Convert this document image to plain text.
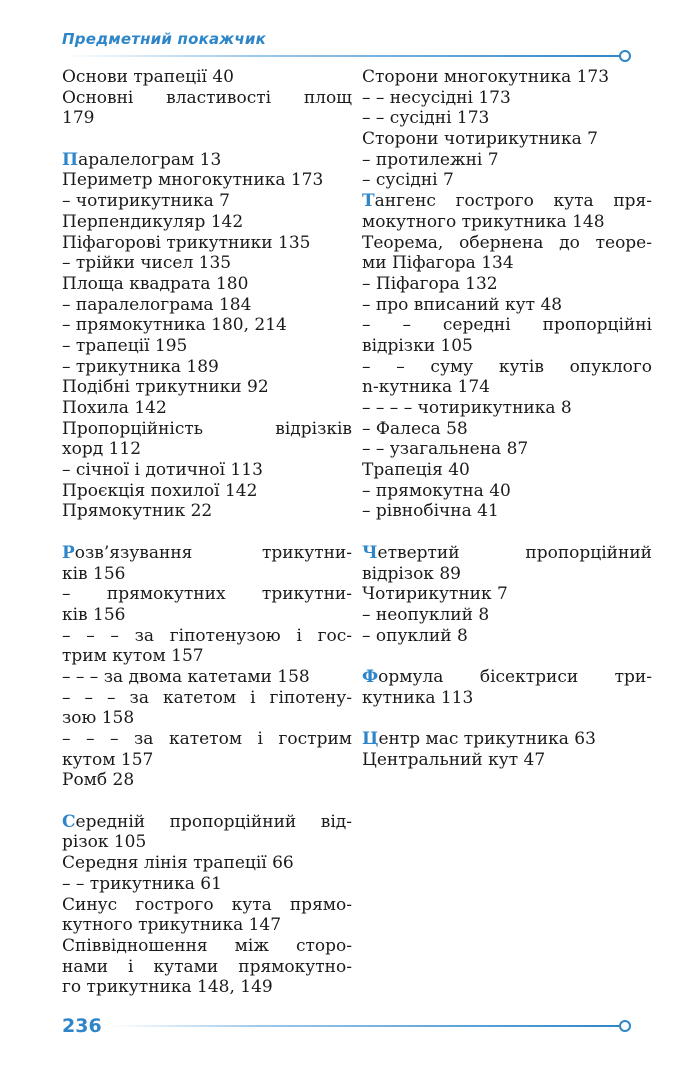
Предметний покажчик
Основи трапеції 40
Основні властивості площ
179
Паралелограм 13
Периметр многокутника 173
– чотирикутника 7
Перпендикуляр 142
Піфагорові трикутники 135
– трійки чисел 135
Площа квадрата 180
– паралелограма 184
– прямокутника 180, 214
– трапеції 195
– трикутника 189
Подібні трикутники 92
Похила 142
Пропорційність відрізків
хорд 112
– січної і дотичної 113
Проєкція похилої 142
Прямокутник 22
Розв’язування трикутни-
ків 156
– прямокутних трикутни-
ків 156
– – – за гіпотенузою і гос-
трим кутом 157
– – – за двома катетами 158
– – – за катетом і гіпотену-
зою 158
– – – за катетом і гострим
кутом 157
Ромб 28
Середній пропорційний від-
різок 105
Середня лінія трапеції 66
– – трикутника 61
Синус гострого кута прямо-
кутного трикутника 147
Співвідношення між сторо-
нами і кутами прямокутно-
го трикутника 148, 149
Сторони многокутника 173
– – несусідні 173
– – сусідні 173
Сторони чотирикутника 7
– протилежні 7
– сусідні 7
Тангенс гострого кута пря-
мокутного трикутника 148
Теорема, обернена до теоре-
ми Піфагора 134
– Піфагора 132
– про вписаний кут 48
– – середні пропорційні
відрізки 105
– – суму кутів опуклого
n-кутника 174
– – – – чотирикутника 8
– Фалеса 58
– – узагальнена 87
Трапеція 40
– прямокутна 40
– рівнобічна 41
Четвертий пропорційний
відрізок 89
Чотирикутник 7
– неопуклий 8
– опуклий 8
Формула бісектриси три-
кутника 113
Центр мас трикутника 63
Центральний кут 47
236
